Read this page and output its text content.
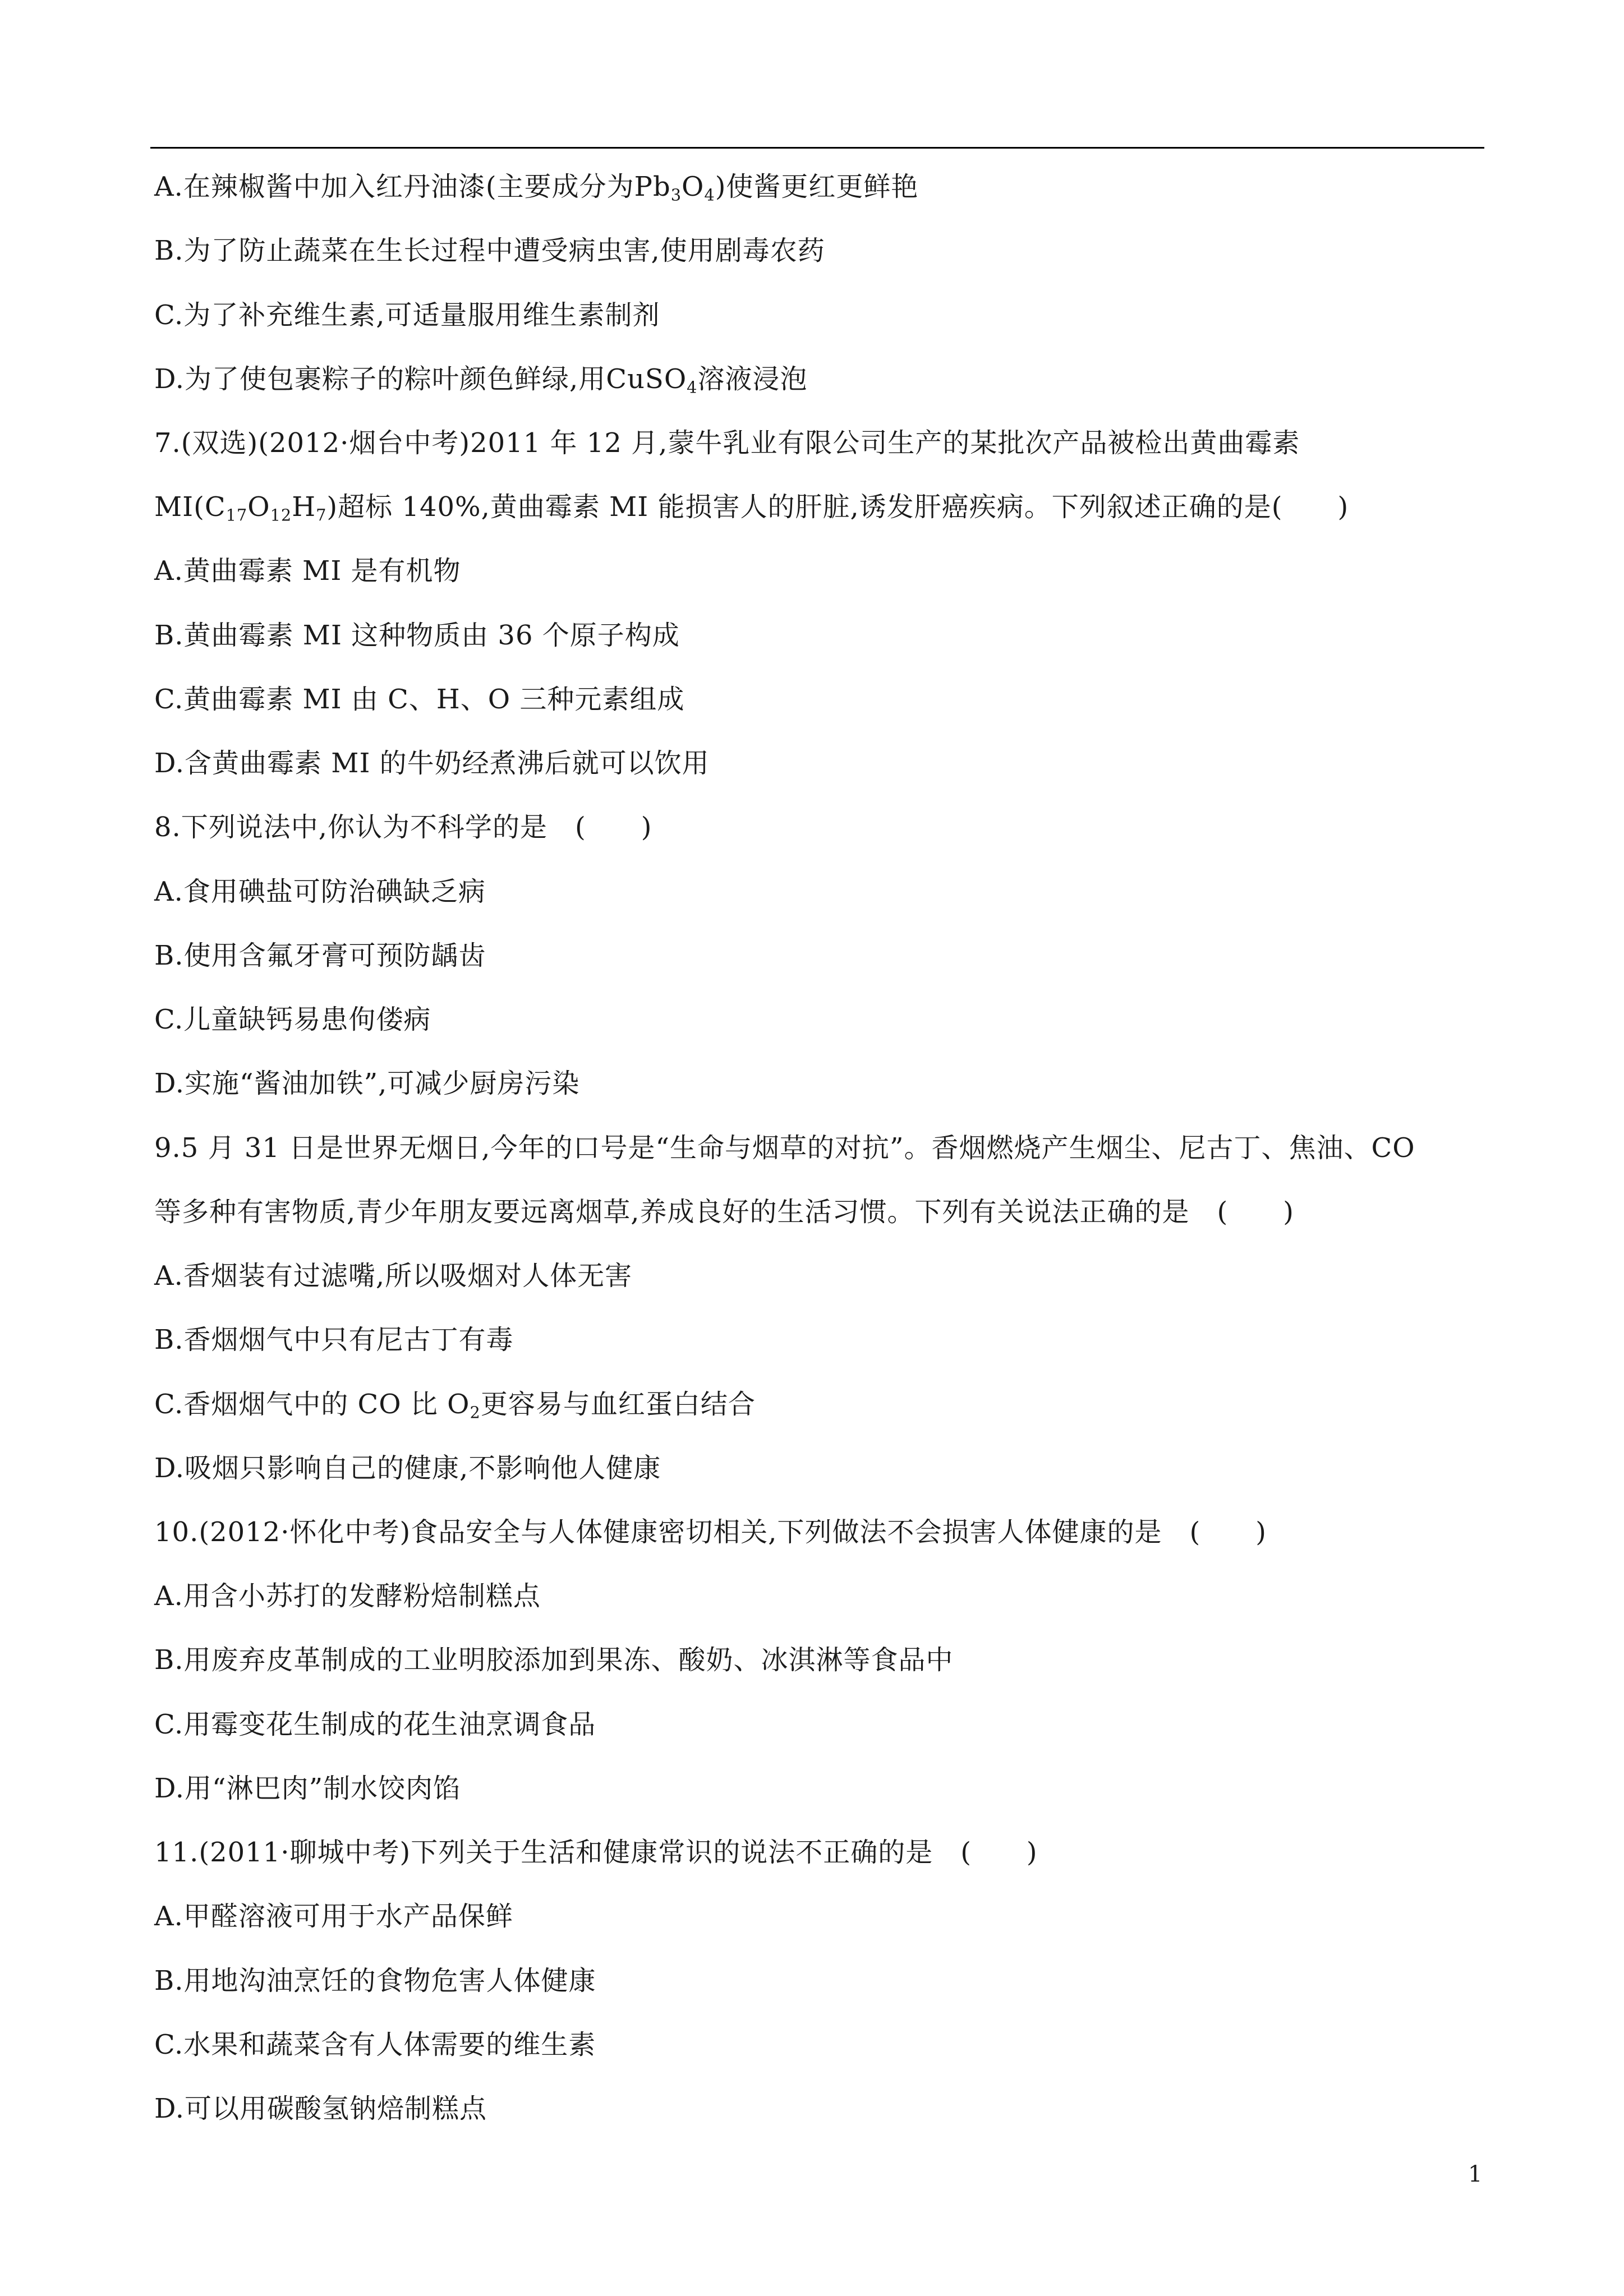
A.在辣椒酱中加入红丹油漆(主要成分为$Pb_3O_4$)使酱更红更鲜艳
B.为了防止蔬菜在生长过程中遭受病虫害,使用剧毒农药
C.为了补充维生素,可适量服用维生素制剂
D.为了使包裹粽子的粽叶颜色鲜绿,用CuSO$_4$溶液浸泡
7.(双选)(2012·烟台中考)2011 年 12 月,蒙牛乳业有限公司生产的某批次产品被检出黄曲霉素
$MI(C_{17}O_{12}H_7)$超标 140%,黄曲霉素 MI 能损害人的肝脏,诱发肝癌疾病。下列叙述正确的是(　　)
A.黄曲霉素 MI 是有机物
B.黄曲霉素 MI 这种物质由 36 个原子构成
C.黄曲霉素 MI 由 C、H、O 三种元素组成
D.含黄曲霉素 MI 的牛奶经煮沸后就可以饮用
8.下列说法中,你认为不科学的是　(　　)
A.食用碘盐可防治碘缺乏病
B.使用含氟牙膏可预防龋齿
C.儿童缺钙易患佝偻病
D.实施“酱油加铁”,可减少厨房污染
9.5 月 31 日是世界无烟日,今年的口号是“生命与烟草的对抗”。香烟燃烧产生烟尘、尼古丁、焦油、CO
等多种有害物质,青少年朋友要远离烟草,养成良好的生活习惯。下列有关说法正确的是　(　　)
A.香烟装有过滤嘴,所以吸烟对人体无害
B.香烟烟气中只有尼古丁有毒
C.香烟烟气中的 CO 比 $O_2$更容易与血红蛋白结合
D.吸烟只影响自己的健康,不影响他人健康
10.(2012·怀化中考)食品安全与人体健康密切相关,下列做法不会损害人体健康的是　(　　)
A.用含小苏打的发酵粉焙制糕点
B.用废弃皮革制成的工业明胶添加到果冻、酸奶、冰淇淋等食品中
C.用霉变花生制成的花生油烹调食品
D.用“淋巴肉”制水饺肉馅
11.(2011·聊城中考)下列关于生活和健康常识的说法不正确的是　(　　)
A.甲醛溶液可用于水产品保鲜
B.用地沟油烹饪的食物危害人体健康
C.水果和蔬菜含有人体需要的维生素
D.可以用碳酸氢钠焙制糕点
1
